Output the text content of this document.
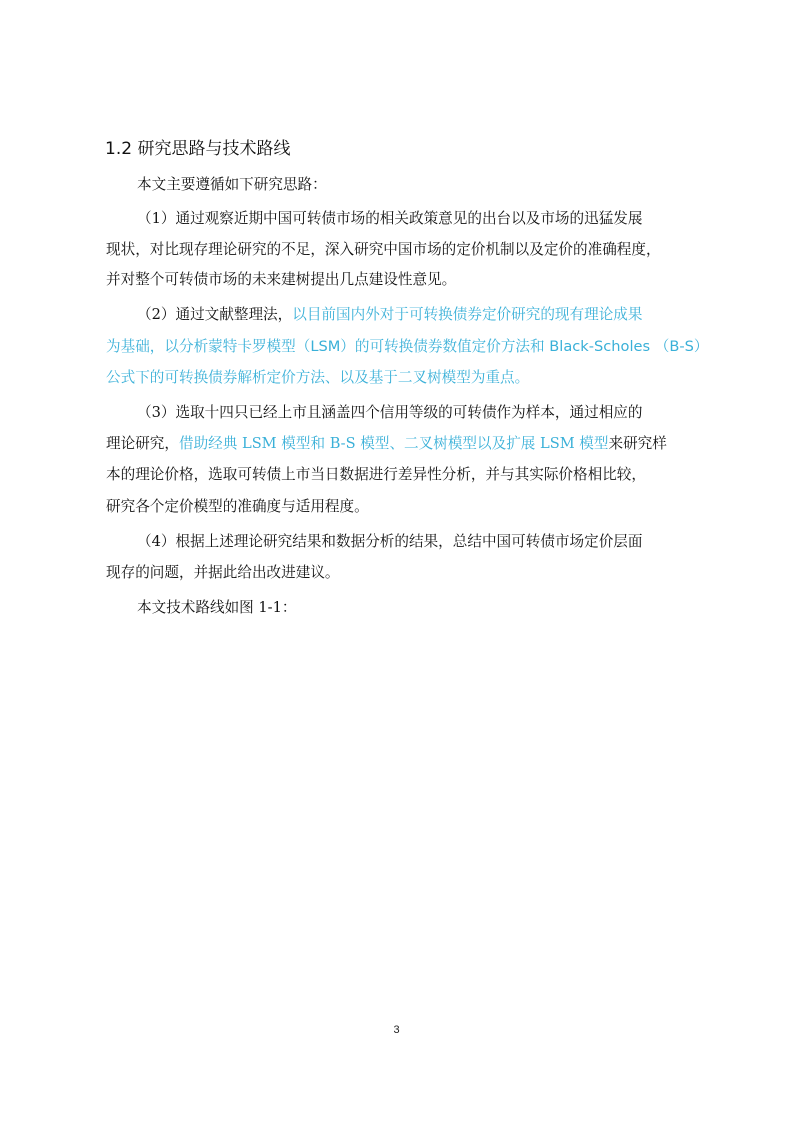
1.2 研究思路与技术路线
本文主要遵循如下研究思路：
（1）通过观察近期中国可转债市场的相关政策意见的出台以及市场的迅猛发展
现状，对比现存理论研究的不足，深入研究中国市场的定价机制以及定价的准确程度，
并对整个可转债市场的未来建树提出几点建设性意见。
（2）通过文献整理法，以目前国内外对于可转换债券定价研究的现有理论成果
为基础，以分析蒙特卡罗模型（LSM）的可转换债券数值定价方法和 Black-Scholes （B-S）
公式下的可转换债券解析定价方法、以及基于二叉树模型为重点。
（3）选取十四只已经上市且涵盖四个信用等级的可转债作为样本，通过相应的
理论研究，借助经典 LSM 模型和 B-S 模型、二叉树模型以及扩展 LSM 模型来研究样
本的理论价格，选取可转债上市当日数据进行差异性分析，并与其实际价格相比较，
研究各个定价模型的准确度与适用程度。
（4）根据上述理论研究结果和数据分析的结果，总结中国可转债市场定价层面
现存的问题，并据此给出改进建议。
本文技术路线如图 1-1：
3
